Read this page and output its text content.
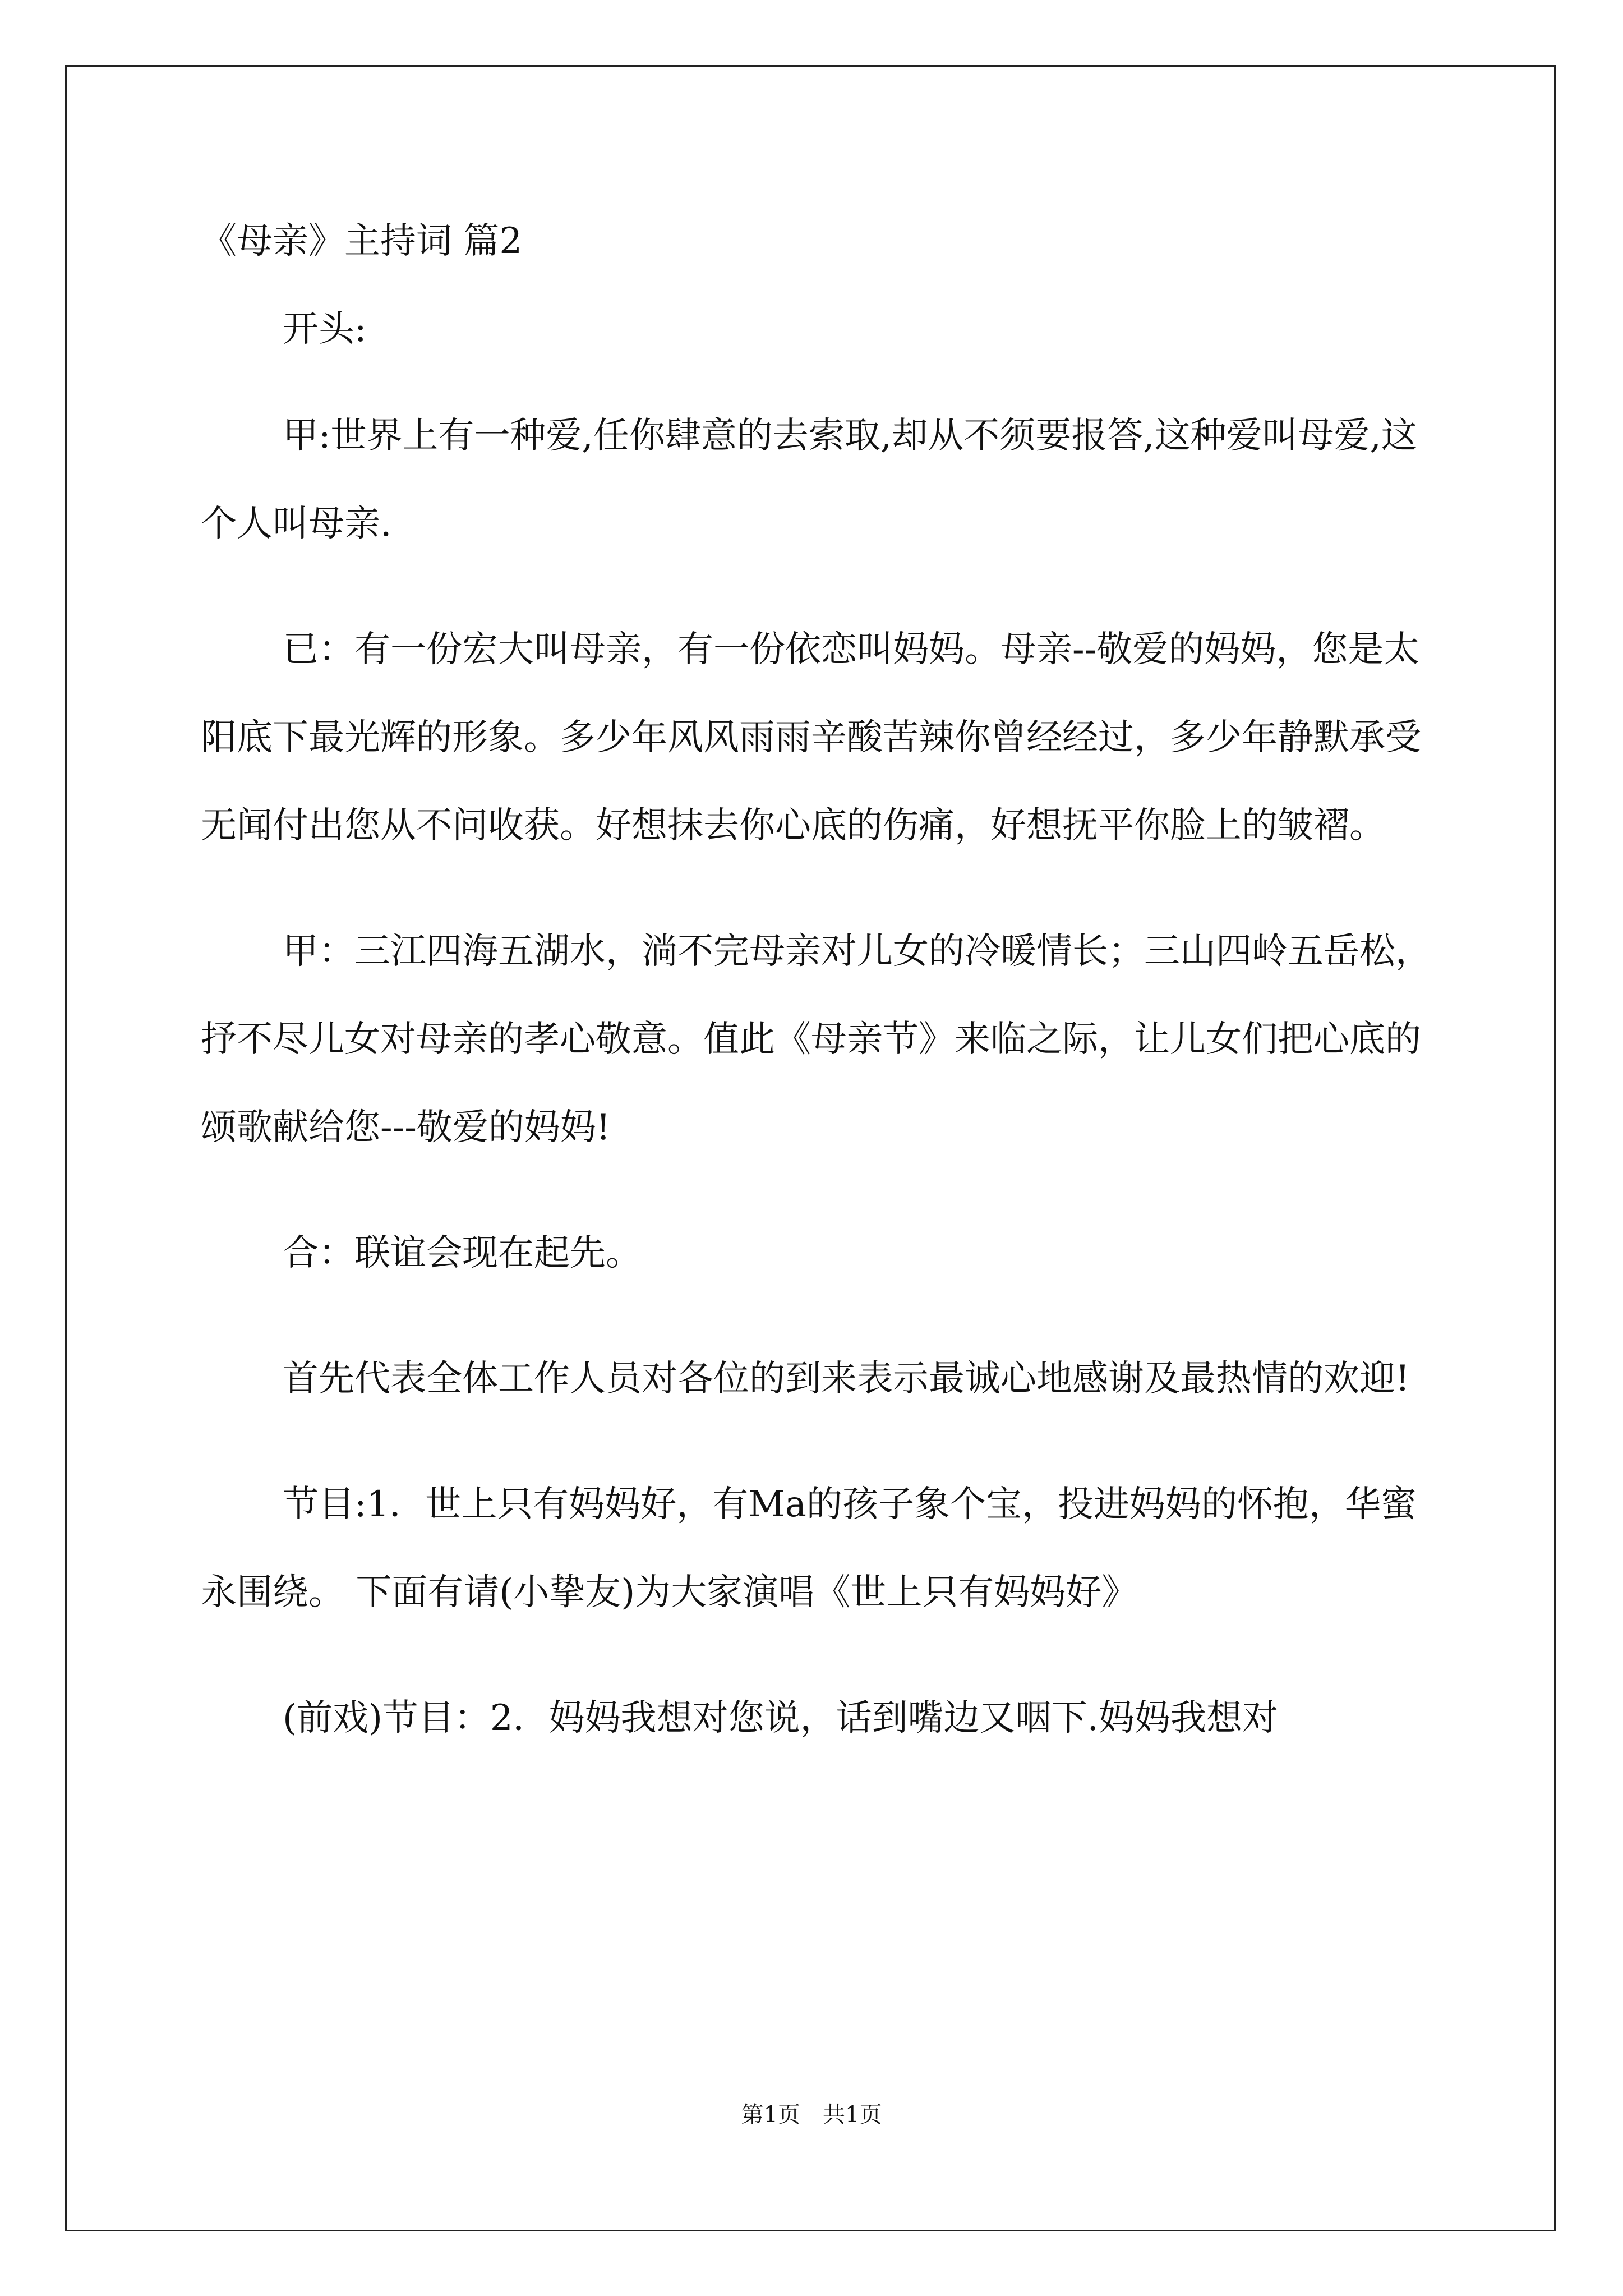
《母亲》主持词 篇2

开头:

甲:世界上有一种爱,任你肆意的去索取,却从不须要报答,这种爱叫母爱,这个人叫母亲.

已：有一份宏大叫母亲，有一份依恋叫妈妈。母亲--敬爱的妈妈，您是太阳底下最光辉的形象。多少年风风雨雨辛酸苦辣你曾经经过，多少年静默承受无闻付出您从不问收获。好想抹去你心底的伤痛，好想抚平你脸上的皱褶。

甲：三江四海五湖水，淌不完母亲对儿女的冷暖情长；三山四岭五岳松，抒不尽儿女对母亲的孝心敬意。值此《母亲节》来临之际，让儿女们把心底的颂歌献给您---敬爱的妈妈!

合：联谊会现在起先。

首先代表全体工作人员对各位的到来表示最诚心地感谢及最热情的欢迎!

节目:1．世上只有妈妈好，有Ma的孩子象个宝，投进妈妈的怀抱，华蜜永围绕。 下面有请(小挚友)为大家演唱《世上只有妈妈好》

(前戏)节目：2．妈妈我想对您说，话到嘴边又咽下.妈妈我想对

第1页　共1页
